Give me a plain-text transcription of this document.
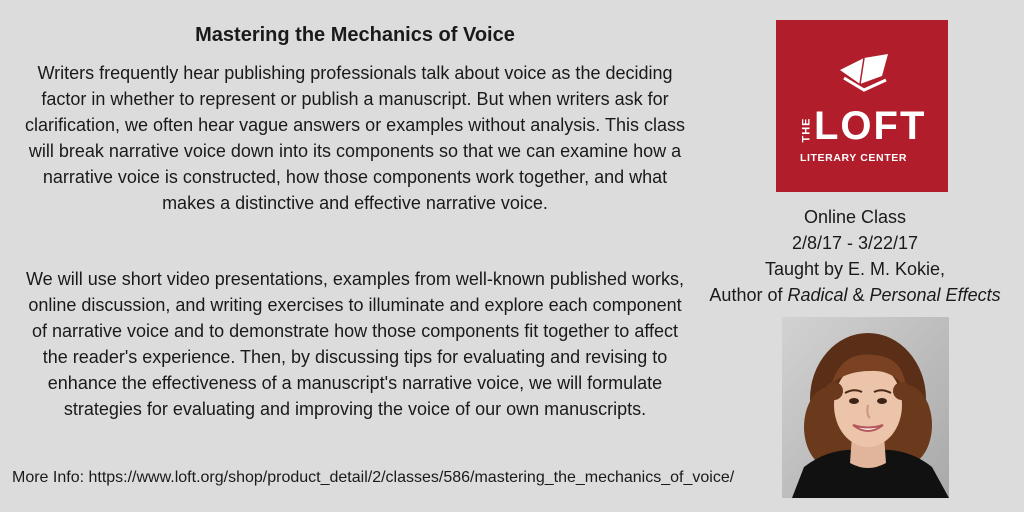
Mastering the Mechanics of Voice

Writers frequently hear publishing professionals talk about voice as the deciding factor in whether to represent or publish a manuscript. But when writers ask for clarification, we often hear vague answers or examples without analysis. This class will break narrative voice down into its components so that we can examine how a narrative voice is constructed, how those components work together, and what makes a distinctive and effective narrative voice.

We will use short video presentations, examples from well-known published works, online discussion, and writing exercises to illuminate and explore each component of narrative voice and to demonstrate how those components fit together to affect the reader's experience. Then, by discussing tips for evaluating and revising to enhance the effectiveness of a manuscript's narrative voice, we will formulate strategies for evaluating and improving the voice of our own manuscripts.

More Info: https://www.loft.org/shop/product_detail/2/classes/586/mastering_the_mechanics_of_voice/
THE LOFT
LITERARY CENTER
Online Class
2/8/17 - 3/22/17
Taught by E. M. Kokie,
Author of Radical & Personal Effects
